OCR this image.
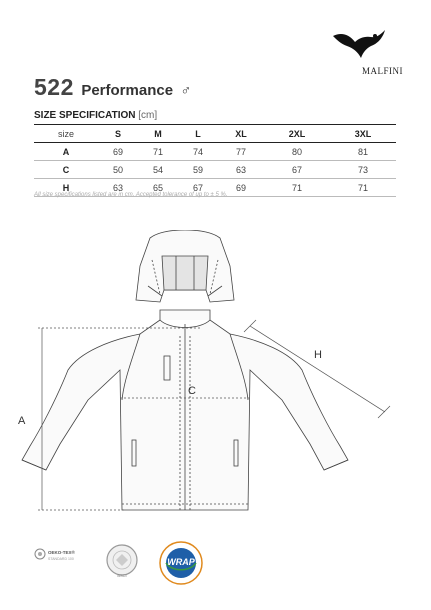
MALFINI
522 Performance ♂
SIZE SPECIFICATION [cm]
size	S	M	L	XL	2XL	3XL
A	69	71	74	77	80	81
C	50	54	59	63	67	73
H	63	65	67	69	71	71
All size specifications listed are in cm. Accepted tolerance of up to ± 5 %.
A
C
H
OEKO-TEX®
STANDARD 100
BSCI
WRAP
